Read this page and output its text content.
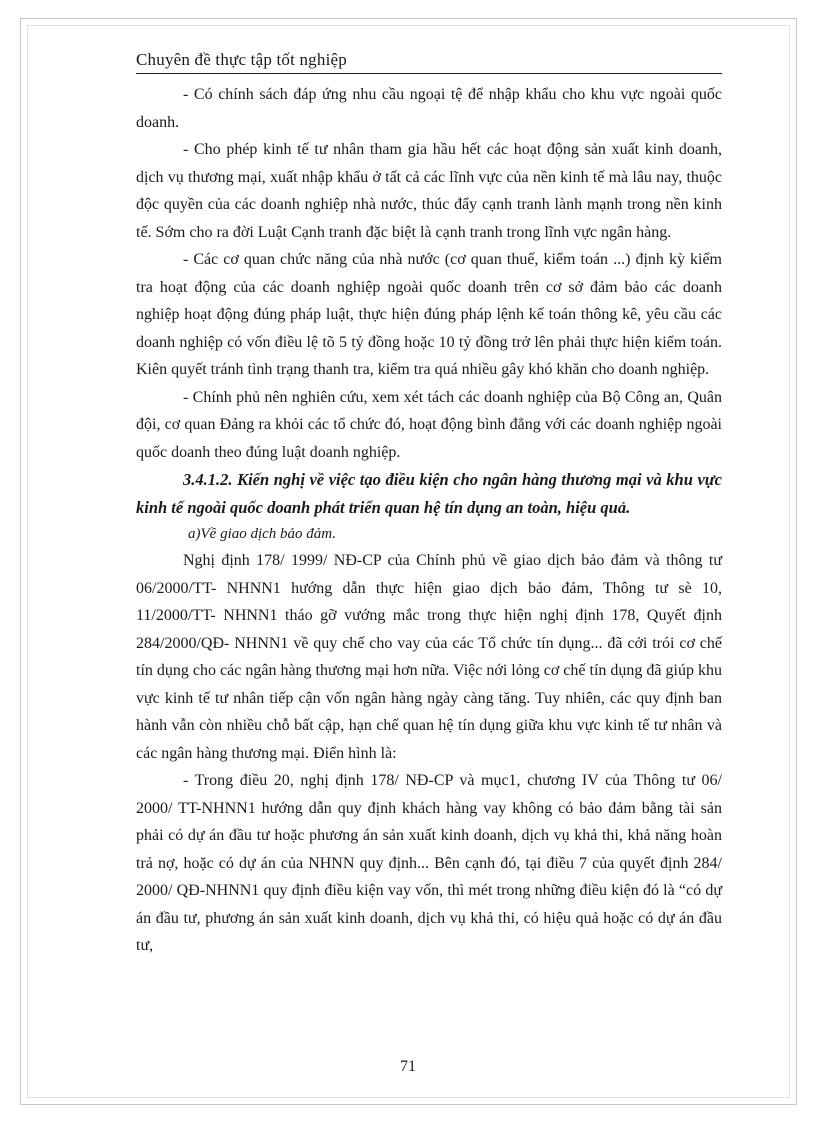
Chuyên đề thực tập tốt nghiệp

- Có chính sách đáp ứng nhu cầu ngoại tệ để nhập khẩu cho khu vực ngoài quốc doanh.

- Cho phép kinh tế tư nhân tham gia hầu hết các hoạt động sản xuất kinh doanh, dịch vụ thương mại, xuất nhập khẩu ở tất cả các lĩnh vực của nền kinh tế mà lâu nay, thuộc độc quyền của các doanh nghiệp nhà nước, thúc đẩy cạnh tranh lành mạnh trong nền kinh tế. Sớm cho ra đời Luật Cạnh tranh đặc biệt là cạnh tranh trong lĩnh vực ngân hàng.

- Các cơ quan chức năng của nhà nước (cơ quan thuế, kiểm toán ...) định kỳ kiểm tra hoạt động của các doanh nghiệp ngoài quốc doanh trên cơ sở đảm bảo các doanh nghiệp hoạt động đúng pháp luật, thực hiện đúng pháp lệnh kế toán thông kê, yêu cầu các doanh nghiệp có vốn điều lệ tõ 5 tỷ đồng hoặc 10 tỷ đồng trở lên phải thực hiện kiểm toán. Kiên quyết tránh tình trạng thanh tra, kiểm tra quá nhiều gây khó khăn cho doanh nghiệp.

- Chính phủ nên nghiên cứu, xem xét tách các doanh nghiệp của Bộ Công an, Quân đội, cơ quan Đảng ra khỏi các tổ chức đó, hoạt động bình đẳng với các doanh nghiệp ngoài quốc doanh theo đúng luật doanh nghiệp.

3.4.1.2. Kiến nghị về việc tạo điều kiện cho ngân hàng thương mại và khu vực kinh tế ngoài quốc doanh phát triển quan hệ tín dụng an toàn, hiệu quả.

a)Về giao dịch bảo đảm.

Nghị định 178/ 1999/ NĐ-CP của Chính phủ về giao dịch bảo đảm và thông tư 06/2000/TT- NHNN1 hướng dẫn thực hiện giao dịch bảo đảm, Thông tư sè 10, 11/2000/TT- NHNN1 tháo gỡ vướng mắc trong thực hiện nghị định 178, Quyết định 284/2000/QĐ- NHNN1 về quy chế cho vay của các Tổ chức tín dụng... đã cởi trói cơ chế tín dụng cho các ngân hàng thương mại hơn nữa. Việc nới lỏng cơ chế tín dụng đã giúp khu vực kinh tế tư nhân tiếp cận vốn ngân hàng ngày càng tăng. Tuy nhiên, các quy định ban hành vẫn còn nhiều chỗ bất cập, hạn chế quan hệ tín dụng giữa khu vực kinh tế tư nhân và các ngân hàng thương mại. Điển hình là:

- Trong điều 20, nghị định 178/ NĐ-CP và mục1, chương IV của Thông tư 06/ 2000/ TT-NHNN1 hướng dẫn quy định khách hàng vay không có bảo đảm bằng tài sản phải có dự án đầu tư hoặc phương án sản xuất kinh doanh, dịch vụ khả thi, khả năng hoàn trả nợ, hoặc có dự án của NHNN quy định... Bên cạnh đó, tại điều 7 của quyết định 284/ 2000/ QĐ-NHNN1 quy định điều kiện vay vốn, thì mét trong những điều kiện đó là “có dự án đầu tư, phương án sản xuất kinh doanh, dịch vụ khả thi, có hiệu quả hoặc có dự án đầu tư,

71
